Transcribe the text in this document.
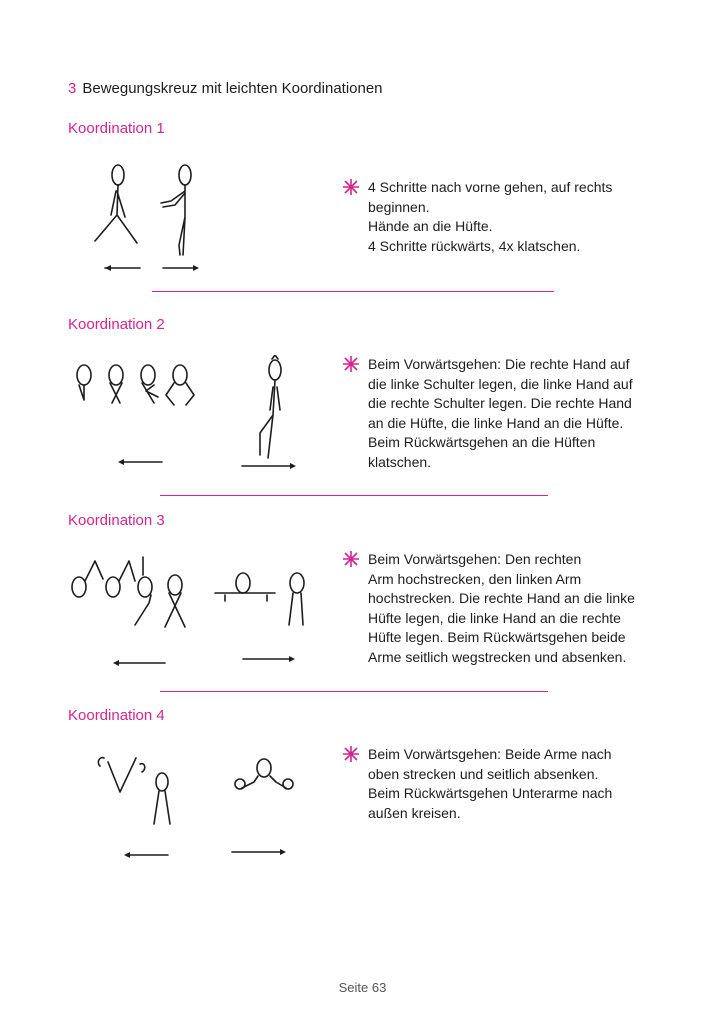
3 Bewegungskreuz mit leichten Koordinationen
Koordination 1
4 Schritte nach vorne gehen, auf rechts
beginnen.
Hände an die Hüfte.
4 Schritte rückwärts, 4x klatschen.
Koordination 2
Beim Vorwärtsgehen: Die rechte Hand auf
die linke Schulter legen, die linke Hand auf
die rechte Schulter legen. Die rechte Hand
an die Hüfte, die linke Hand an die Hüfte.
Beim Rückwärtsgehen an die Hüften
klatschen.
Koordination 3
Beim Vorwärtsgehen: Den rechten
Arm hochstrecken, den linken Arm
hochstrecken. Die rechte Hand an die linke
Hüfte legen, die linke Hand an die rechte
Hüfte legen. Beim Rückwärtsgehen beide
Arme seitlich wegstrecken und absenken.
Koordination 4
Beim Vorwärtsgehen: Beide Arme nach
oben strecken und seitlich absenken.
Beim Rückwärtsgehen Unterarme nach
außen kreisen.
Seite 63
